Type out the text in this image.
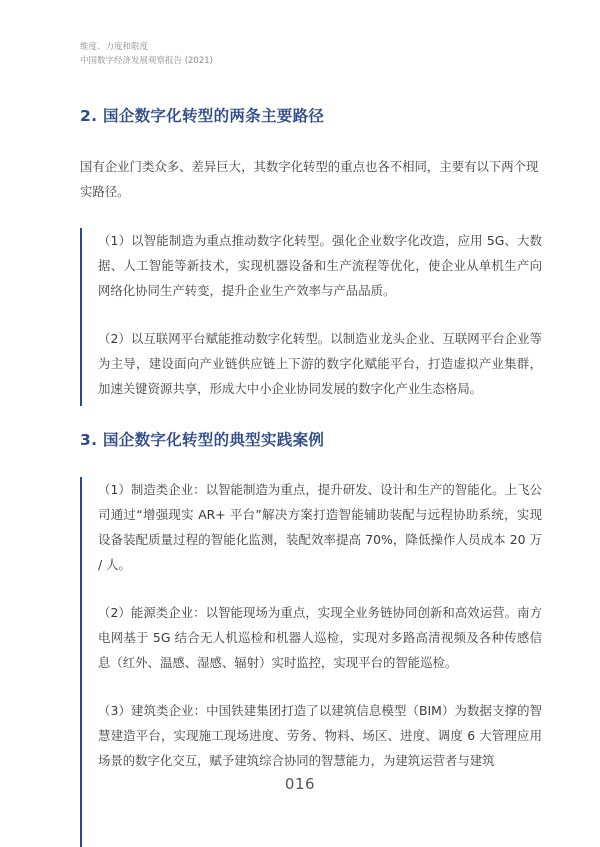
维度、力度和限度
中国数字经济发展观察报告 (2021)
2. 国企数字化转型的两条主要路径
国有企业门类众多、差异巨大，其数字化转型的重点也各不相同，主要有以下两个现实路径。
（1）以智能制造为重点推动数字化转型。强化企业数字化改造，应用 5G、大数据、人工智能等新技术，实现机器设备和生产流程等优化，使企业从单机生产向网络化协同生产转变，提升企业生产效率与产品品质。
（2）以互联网平台赋能推动数字化转型。以制造业龙头企业、互联网平台企业等为主导，建设面向产业链供应链上下游的数字化赋能平台，打造虚拟产业集群，加速关键资源共享，形成大中小企业协同发展的数字化产业生态格局。
3. 国企数字化转型的典型实践案例
（1）制造类企业：以智能制造为重点，提升研发、设计和生产的智能化。上飞公司通过“增强现实 AR+ 平台”解决方案打造智能辅助装配与远程协助系统，实现设备装配质量过程的智能化监测，装配效率提高 70%，降低操作人员成本 20 万 / 人。
（2）能源类企业：以智能现场为重点，实现全业务链协同创新和高效运营。南方电网基于 5G 结合无人机巡检和机器人巡检，实现对多路高清视频及各种传感信息（红外、温感、湿感、辐射）实时监控，实现平台的智能巡检。
（3）建筑类企业：中国铁建集团打造了以建筑信息模型（BIM）为数据支撑的智慧建造平台，实现施工现场进度、劳务、物料、场区、进度、调度 6 大管理应用场景的数字化交互，赋予建筑综合协同的智慧能力，为建筑运营者与建筑
016
